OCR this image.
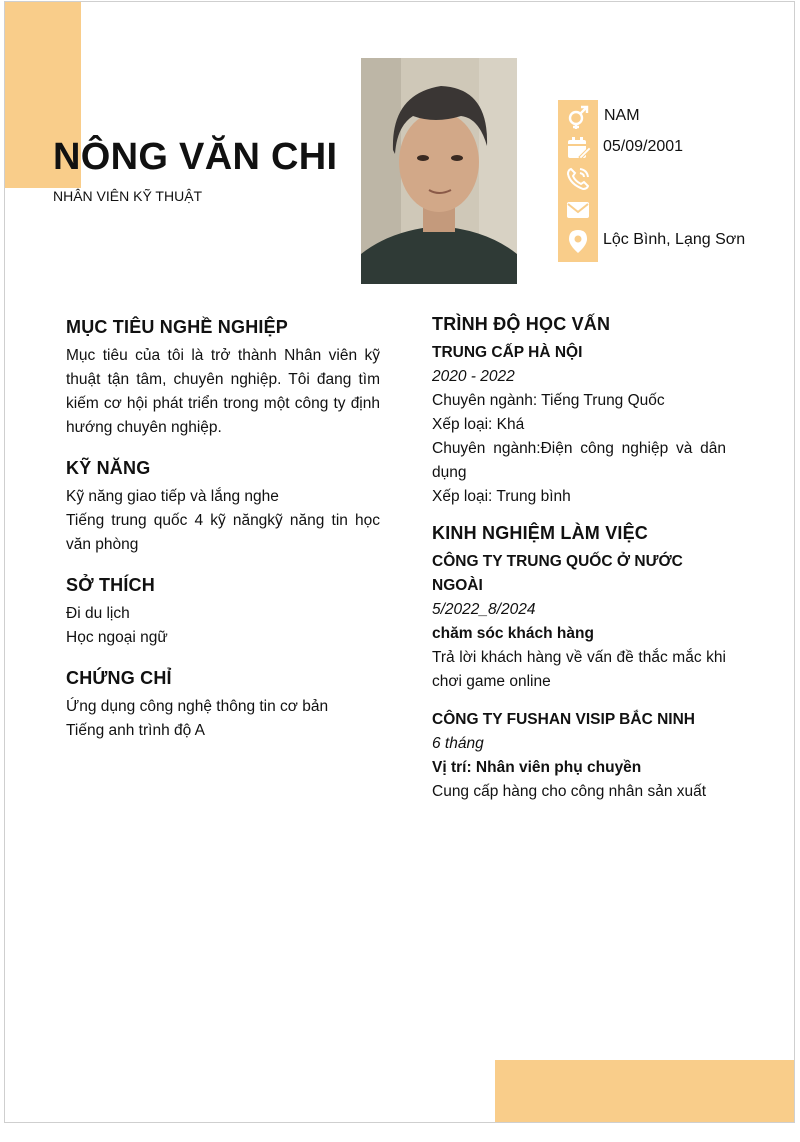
NÔNG VĂN CHI
NHÂN VIÊN KỸ THUẬT
NAM
05/09/2001
Lộc Bình, Lạng Sơn
MỤC TIÊU NGHỀ NGHIỆP

Mục tiêu của tôi là trở thành Nhân viên kỹ thuật tận tâm, chuyên nghiệp. Tôi đang tìm kiếm cơ hội phát triển trong một công ty định hướng chuyên nghiệp.

KỸ NĂNG

Kỹ năng giao tiếp và lắng nghe

Tiếng trung quốc 4 kỹ năngkỹ năng tin học văn phòng

SỞ THÍCH

Đi du lịch

Học ngoại ngữ

CHỨNG CHỈ

Ứng dụng công nghệ thông tin cơ bản

Tiếng anh trình độ A

TRÌNH ĐỘ HỌC VẤN

TRUNG CẤP HÀ NỘI

2020 - 2022

Chuyên ngành: Tiếng Trung Quốc

Xếp loại: Khá

Chuyên ngành:Điện công nghiệp và dân dụng

Xếp loại: Trung bình

KINH NGHIỆM LÀM VIỆC

CÔNG TY TRUNG QUỐC Ở NƯỚC NGOÀI

5/2022_8/2024

chăm sóc khách hàng

Trả lời khách hàng về vấn đề thắc mắc khi chơi game online

CÔNG TY FUSHAN VISIP BẮC NINH

6 tháng

Vị trí: Nhân viên phụ chuyền

Cung cấp hàng cho công nhân sản xuất
